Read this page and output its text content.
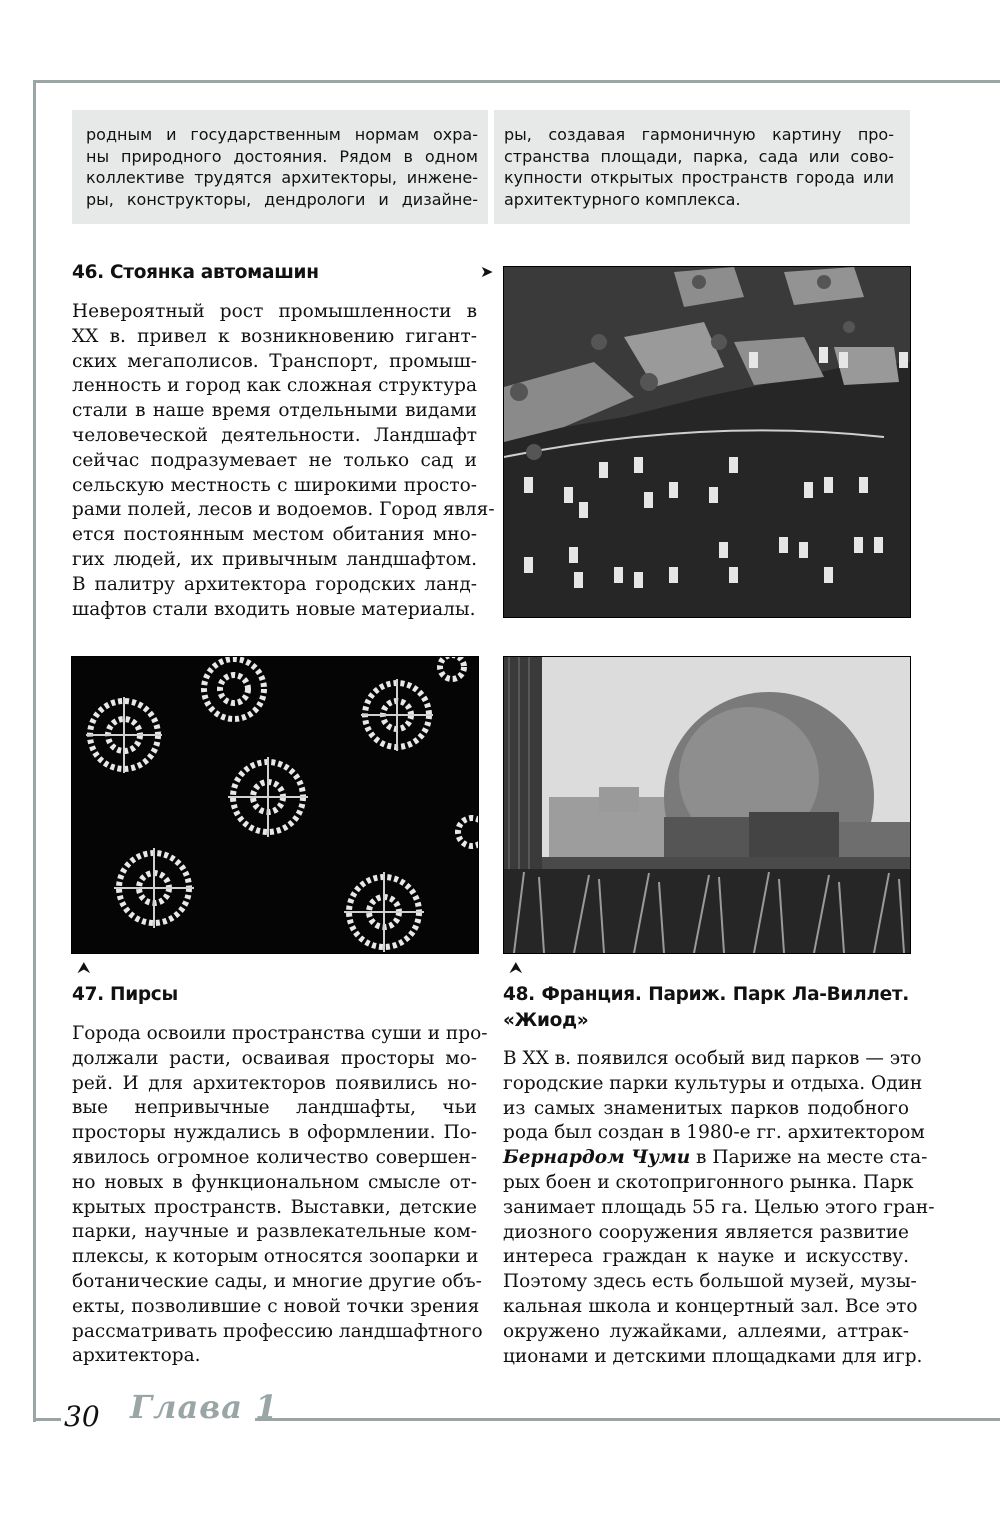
родным и государственным нормам охра-
ны природного достояния. Рядом в одном
коллективе трудятся архитекторы, инжене-
ры, конструкторы, дендрологи и дизайне-
ры, создавая гармоничную картину про-
странства площади, парка, сада или сово-
купности открытых пространств города или
архитектурного комплекса.
46. Стоянка автомашин	➤
Невероятный рост промышленности в
XX в. привел к возникновению гигант-
ских мегаполисов. Транспорт, промыш-
ленность и город как сложная структура
стали в наше время отдельными видами
человеческой деятельности. Ландшафт
сейчас подразумевает не только сад и
сельскую местность с широкими просто-
рами полей, лесов и водоемов. Город явля-
ется постоянным местом обитания мно-
гих людей, их привычным ландшафтом.
В палитру архитектора городских ланд-
шафтов стали входить новые материалы.
⮝
47. Пирсы
Города освоили пространства суши и про-
должали расти, осваивая просторы мо-
рей. И для архитекторов появились но-
вые непривычные ландшафты, чьи
просторы нуждались в оформлении. По-
явилось огромное количество совершен-
но новых в функциональном смысле от-
крытых пространств. Выставки, детские
парки, научные и развлекательные ком-
плексы, к которым относятся зоопарки и
ботанические сады, и многие другие объ-
екты, позволившие с новой точки зрения
рассматривать профессию ландшафтного
архитектора.
⮝
48. Франция. Париж. Парк Ла-Виллет.
«Жиод»
В XX в. появился особый вид парков — это
городские парки культуры и отдыха. Один
из самых знаменитых парков подобного
рода был создан в 1980-е гг. архитектором
Бернардом Чуми в Париже на месте ста-
рых боен и скотопригонного рынка. Парк
занимает площадь 55 га. Целью этого гран-
диозного сооружения является развитие
интереса граждан к науке и искусству.
Поэтому здесь есть большой музей, музы-
кальная школа и концертный зал. Все это
окружено лужайками, аллеями, аттрак-
ционами и детскими площадками для игр.
30 Глава 1
